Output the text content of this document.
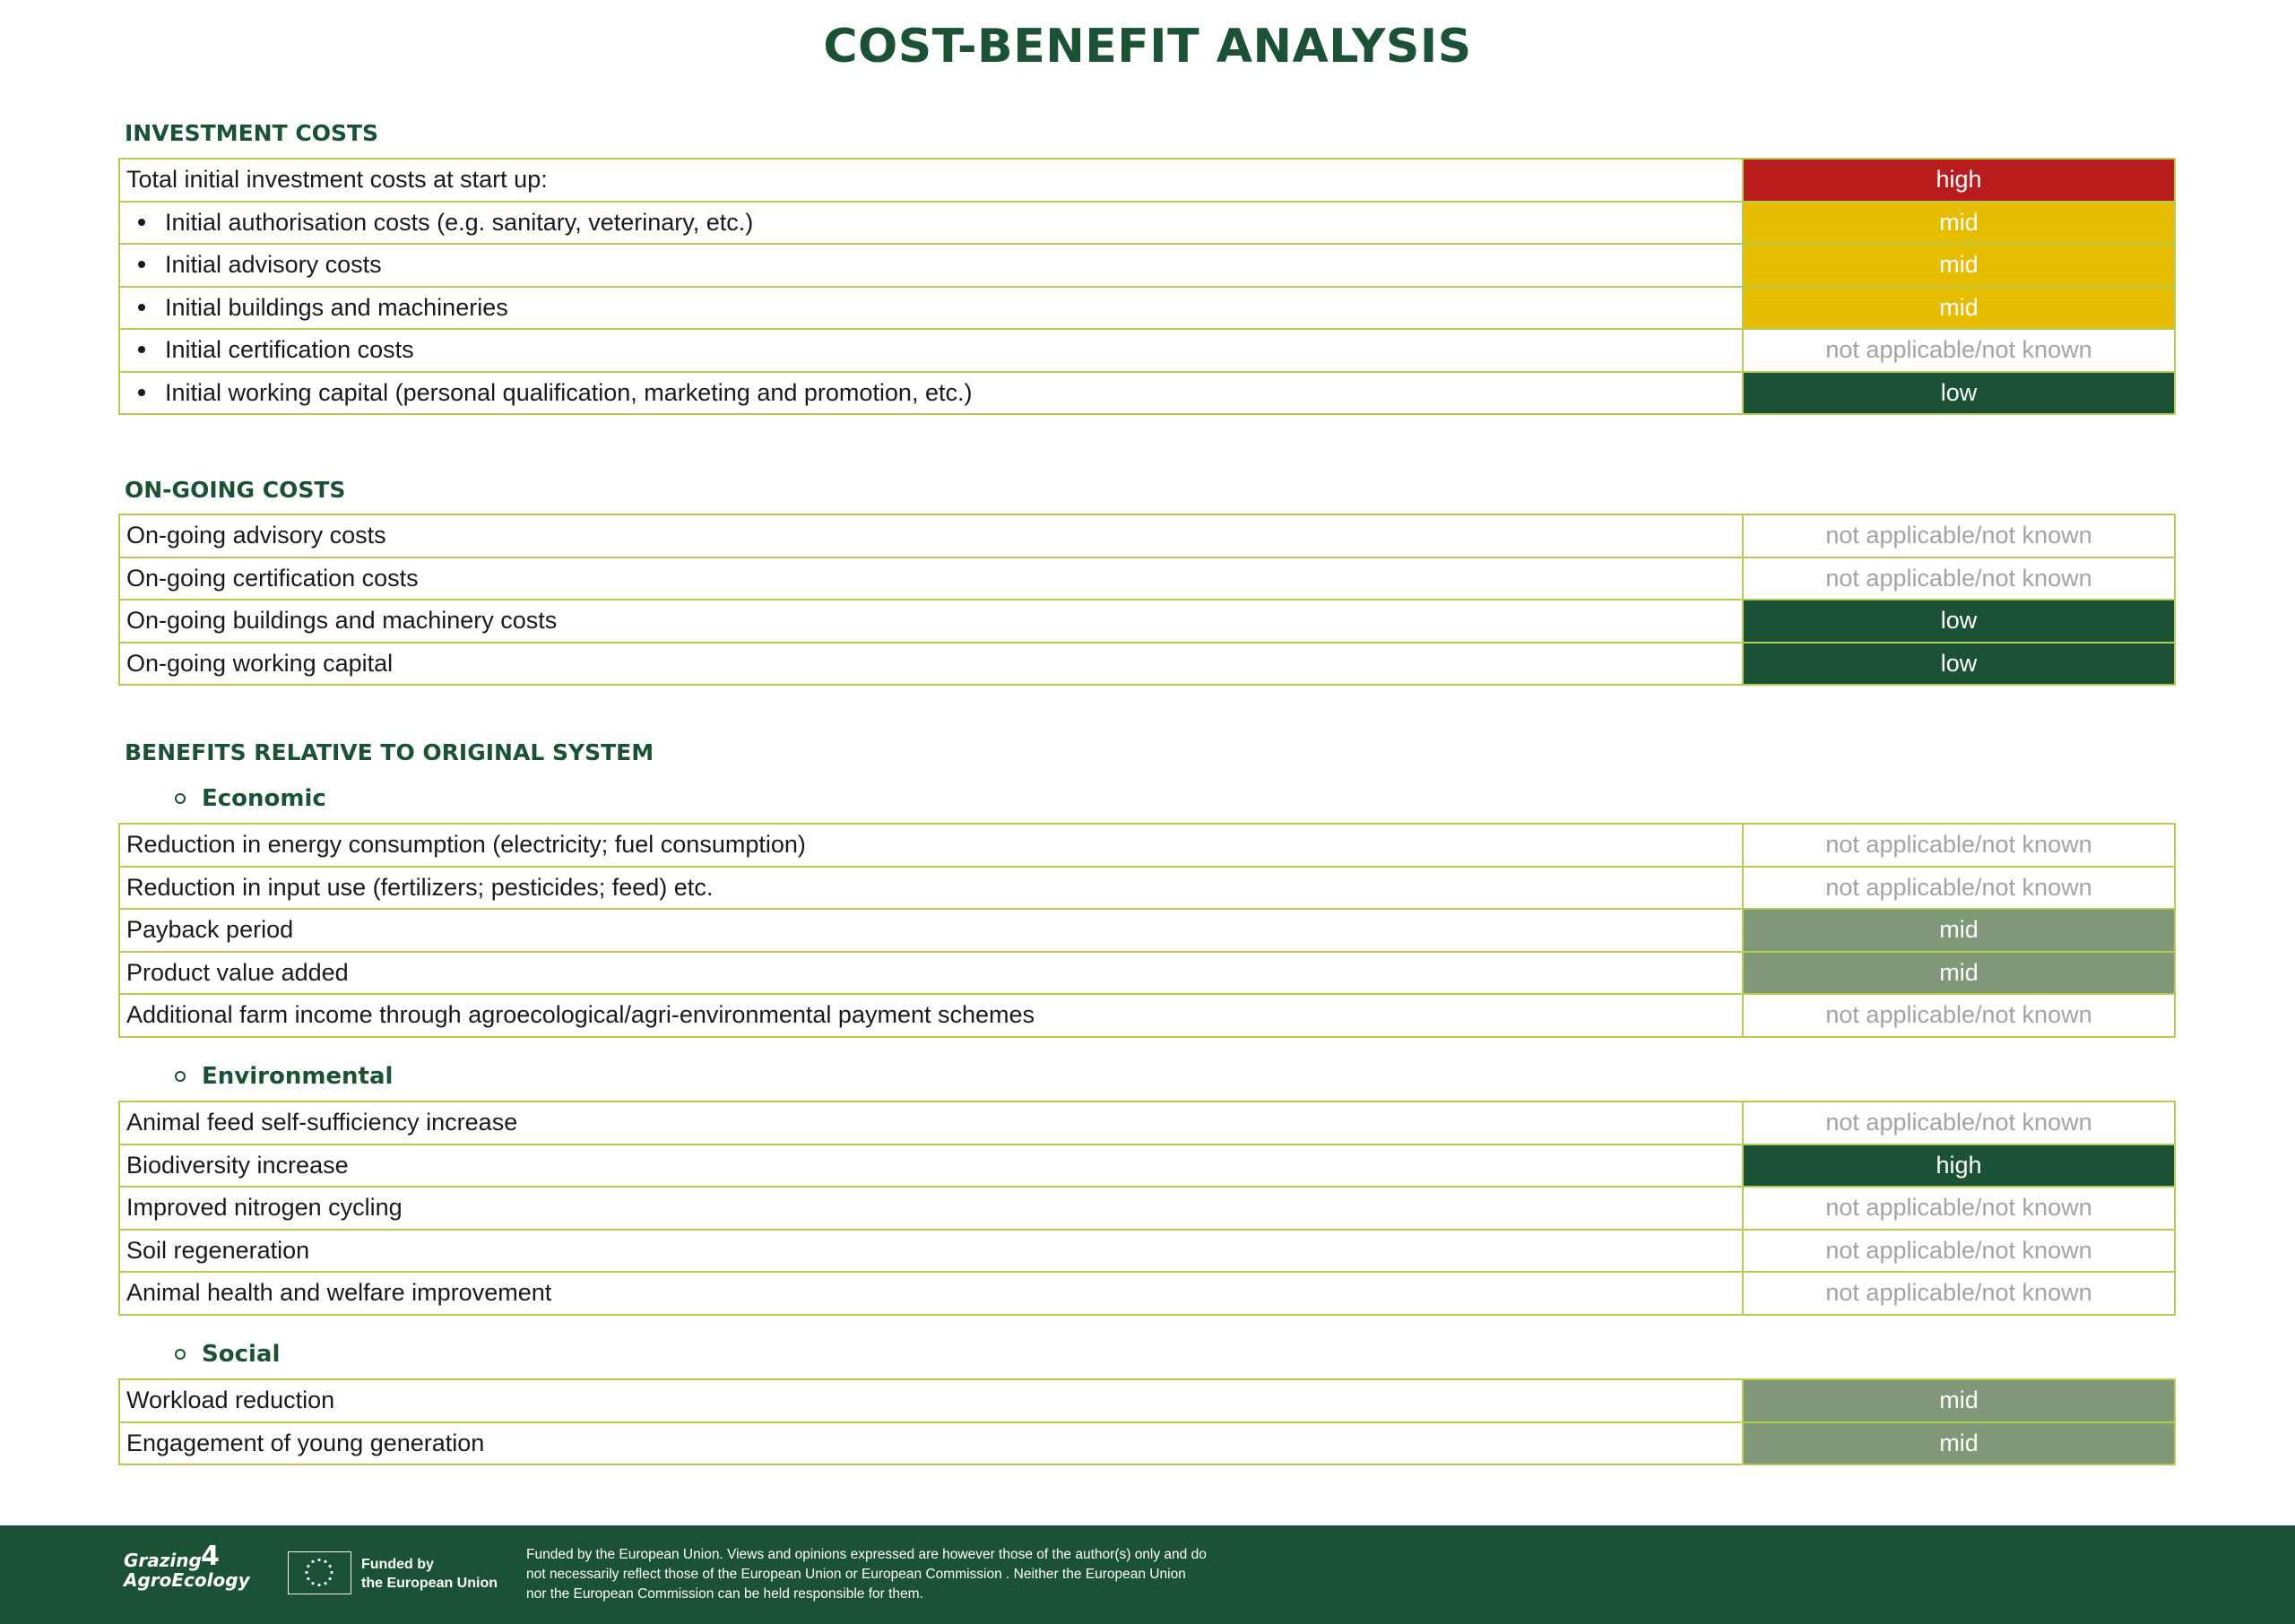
COST-BENEFIT ANALYSIS
INVESTMENT COSTS
Total initial investment costs at start up:	high
Initial authorisation costs (e.g. sanitary, veterinary, etc.)	mid
Initial advisory costs	mid
Initial buildings and machineries	mid
Initial certification costs	not applicable/not known
Initial working capital (personal qualification, marketing and promotion, etc.)	low
ON-GOING COSTS
On-going advisory costs	not applicable/not known
On-going certification costs	not applicable/not known
On-going buildings and machinery costs	low
On-going working capital	low
BENEFITS RELATIVE TO ORIGINAL SYSTEM
Economic
Reduction in energy consumption (electricity; fuel consumption)	not applicable/not known
Reduction in input use (fertilizers; pesticides; feed) etc.	not applicable/not known
Payback period	mid
Product value added	mid
Additional farm income through agroecological/agri-environmental payment schemes	not applicable/not known
Environmental
Animal feed self-sufficiency increase	not applicable/not known
Biodiversity increase	high
Improved nitrogen cycling	not applicable/not known
Soil regeneration	not applicable/not known
Animal health and welfare improvement	not applicable/not known
Social
Workload reduction	mid
Engagement of young generation	mid
Grazing
AgroEcology
4	Funded by
the European Union
Funded by the European Union. Views and opinions expressed are however those of the author(s) only and do not necessarily reflect those of the European Union or European Commission . Neither the European Union nor the European Commission can be held responsible for them.
